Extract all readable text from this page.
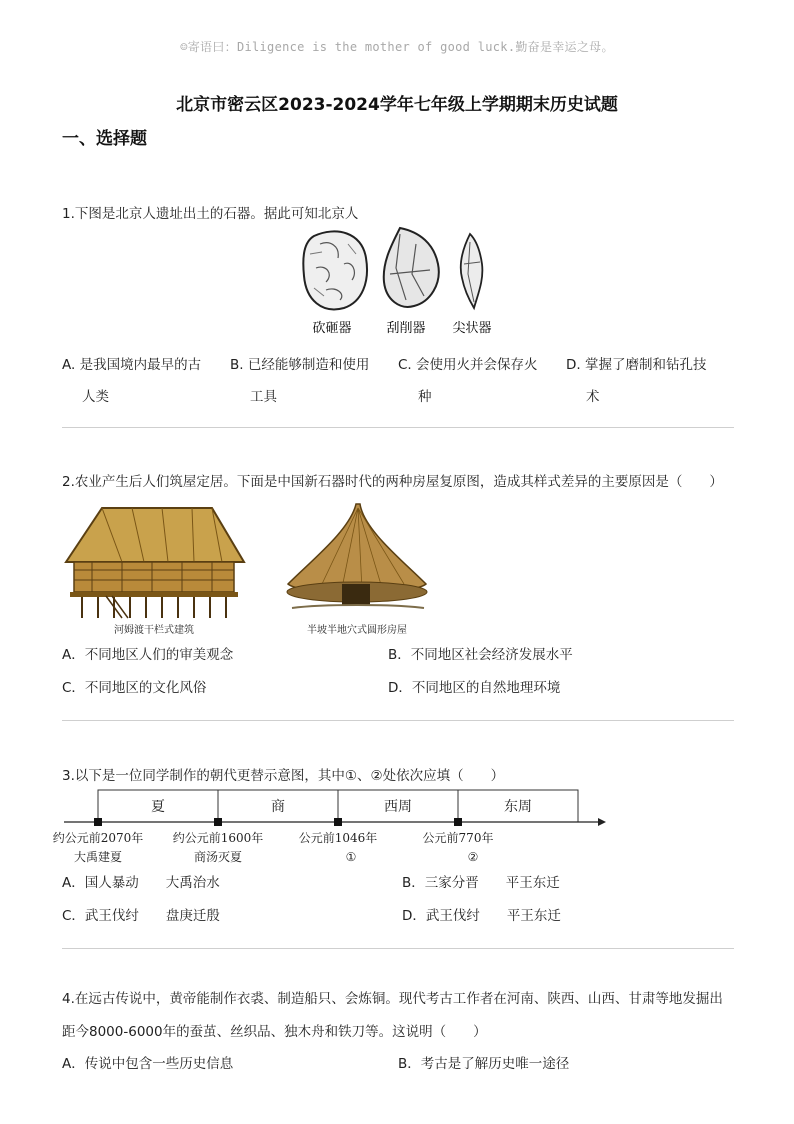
☺寄语曰：Diligence is the mother of good luck.勤奋是幸运之母。
北京市密云区2023-2024学年七年级上学期期末历史试题
一、选择题
1.下图是北京人遗址出土的石器。据此可知北京人
砍砸器	刮削器 尖状器
A. 是我国境内最早的古
人类
B. 已经能够制造和使用
工具
C. 会使用火并会保存火
种
D. 掌握了磨制和钻孔技
术
2.农业产生后人们筑屋定居。下面是中国新石器时代的两种房屋复原图，造成其样式差异的主要原因是（　　）
河姆渡干栏式建筑	半坡半地穴式圆形房屋
A．不同地区人们的审美观念	B．不同地区社会经济发展水平
C．不同地区的文化风俗	D．不同地区的自然地理环境
3.以下是一位同学制作的朝代更替示意图，其中①、②处依次应填（　　）
夏	商	西周	东周
约公元前2070年 约公元前1600年	公元前1046年	公元前770年
大禹建夏	商汤灭夏	①	②
A．国人暴动　　大禹治水	B．三家分晋　　平王东迁
C．武王伐纣　　盘庚迁殷	D．武王伐纣　　平王东迁
4.在远古传说中，黄帝能制作衣裘、制造船只、会炼铜。现代考古工作者在河南、陕西、山西、甘肃等地发掘出距今8000-6000年的蚕茧、丝织品、独木舟和铁刀等。这说明（　　）
A．传说中包含一些历史信息	B．考古是了解历史唯一途径
